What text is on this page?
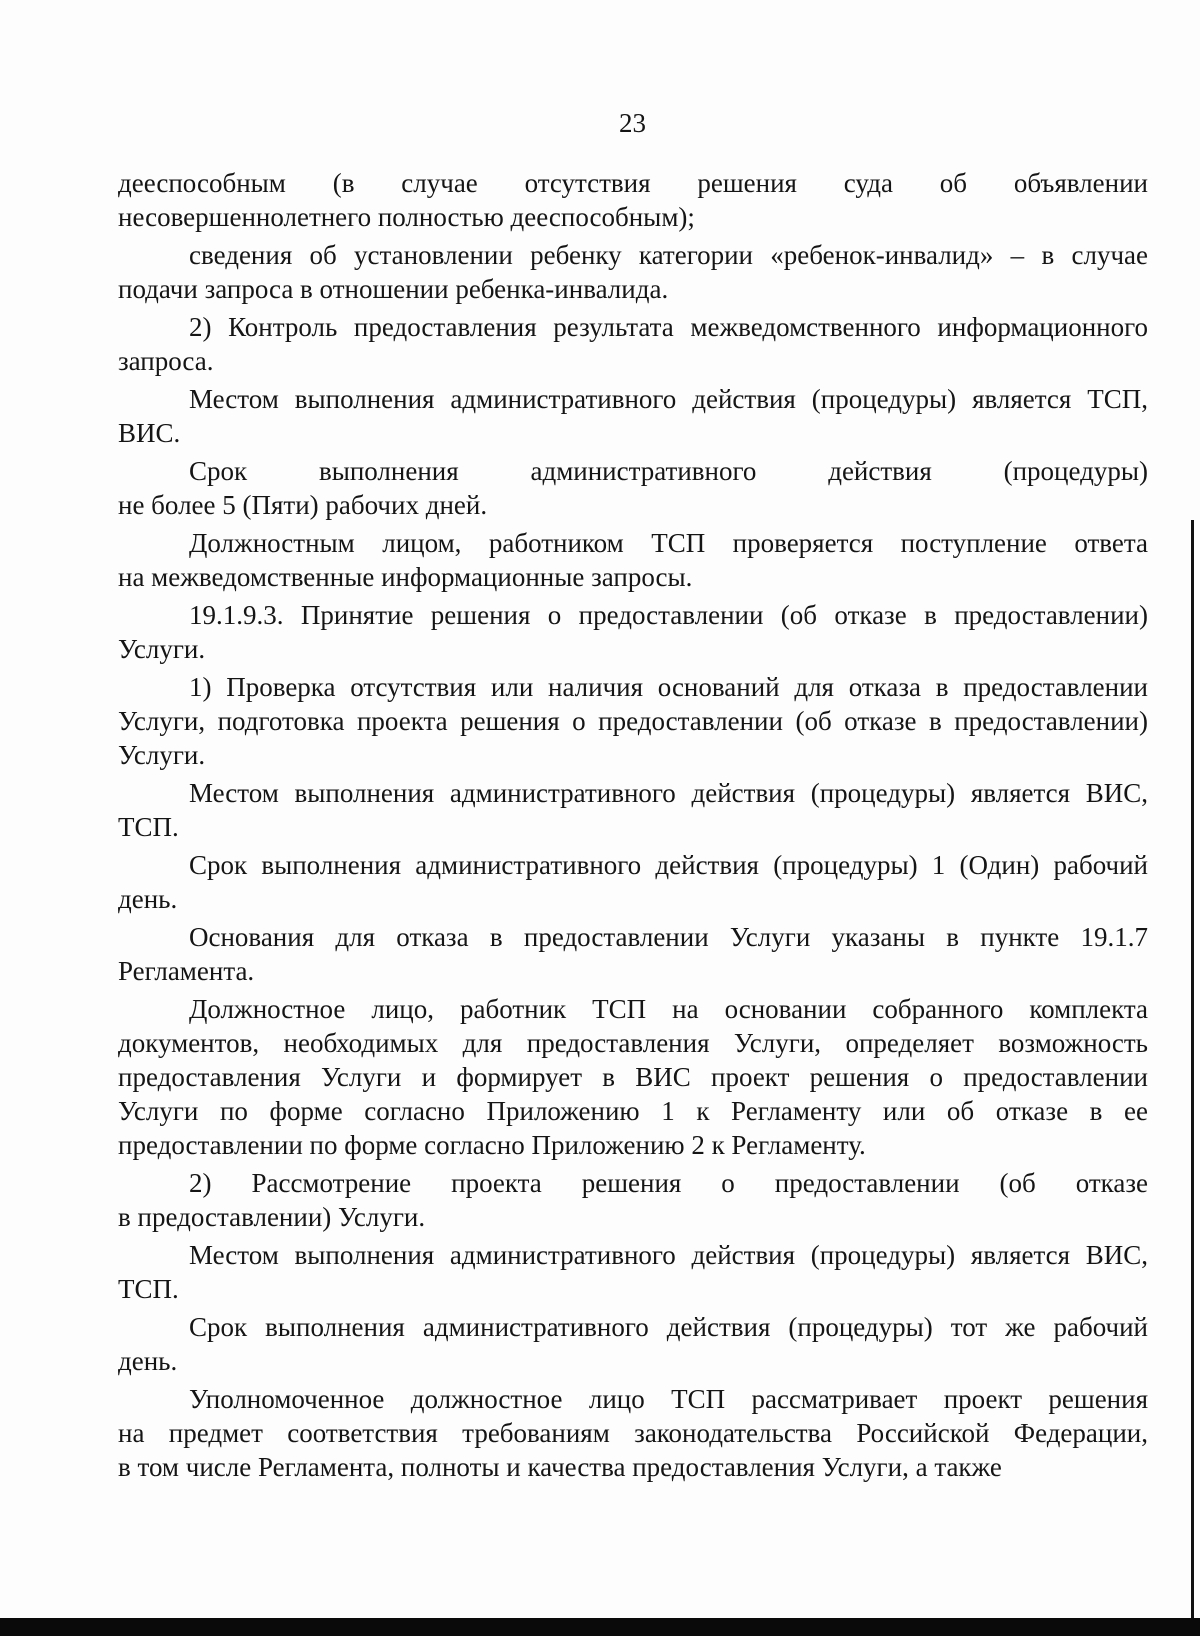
23
дееспособным (в случае отсутствия решения суда об объявлении
несовершеннолетнего полностью дееспособным);
сведения об установлении ребенку категории «ребенок-инвалид» – в случае
подачи запроса в отношении ребенка-инвалида.
2) Контроль предоставления результата межведомственного информационного
запроса.
Местом выполнения административного действия (процедуры) является ТСП,
ВИС.
Срок выполнения административного действия (процедуры)
не более 5 (Пяти) рабочих дней.
Должностным лицом, работником ТСП проверяется поступление ответа
на межведомственные информационные запросы.
19.1.9.3. Принятие решения о предоставлении (об отказе в предоставлении)
Услуги.
1) Проверка отсутствия или наличия оснований для отказа в предоставлении
Услуги, подготовка проекта решения о предоставлении (об отказе в предоставлении)
Услуги.
Местом выполнения административного действия (процедуры) является ВИС,
ТСП.
Срок выполнения административного действия (процедуры) 1 (Один) рабочий
день.
Основания для отказа в предоставлении Услуги указаны в пункте 19.1.7
Регламента.
Должностное лицо, работник ТСП на основании собранного комплекта
документов, необходимых для предоставления Услуги, определяет возможность
предоставления Услуги и формирует в ВИС проект решения о предоставлении
Услуги по форме согласно Приложению 1 к Регламенту или об отказе в ее
предоставлении по форме согласно Приложению 2 к Регламенту.
2) Рассмотрение проекта решения о предоставлении (об отказе
в предоставлении) Услуги.
Местом выполнения административного действия (процедуры) является ВИС,
ТСП.
Срок выполнения административного действия (процедуры) тот же рабочий
день.
Уполномоченное должностное лицо ТСП рассматривает проект решения
на предмет соответствия требованиям законодательства Российской Федерации,
в том числе Регламента, полноты и качества предоставления Услуги, а также
